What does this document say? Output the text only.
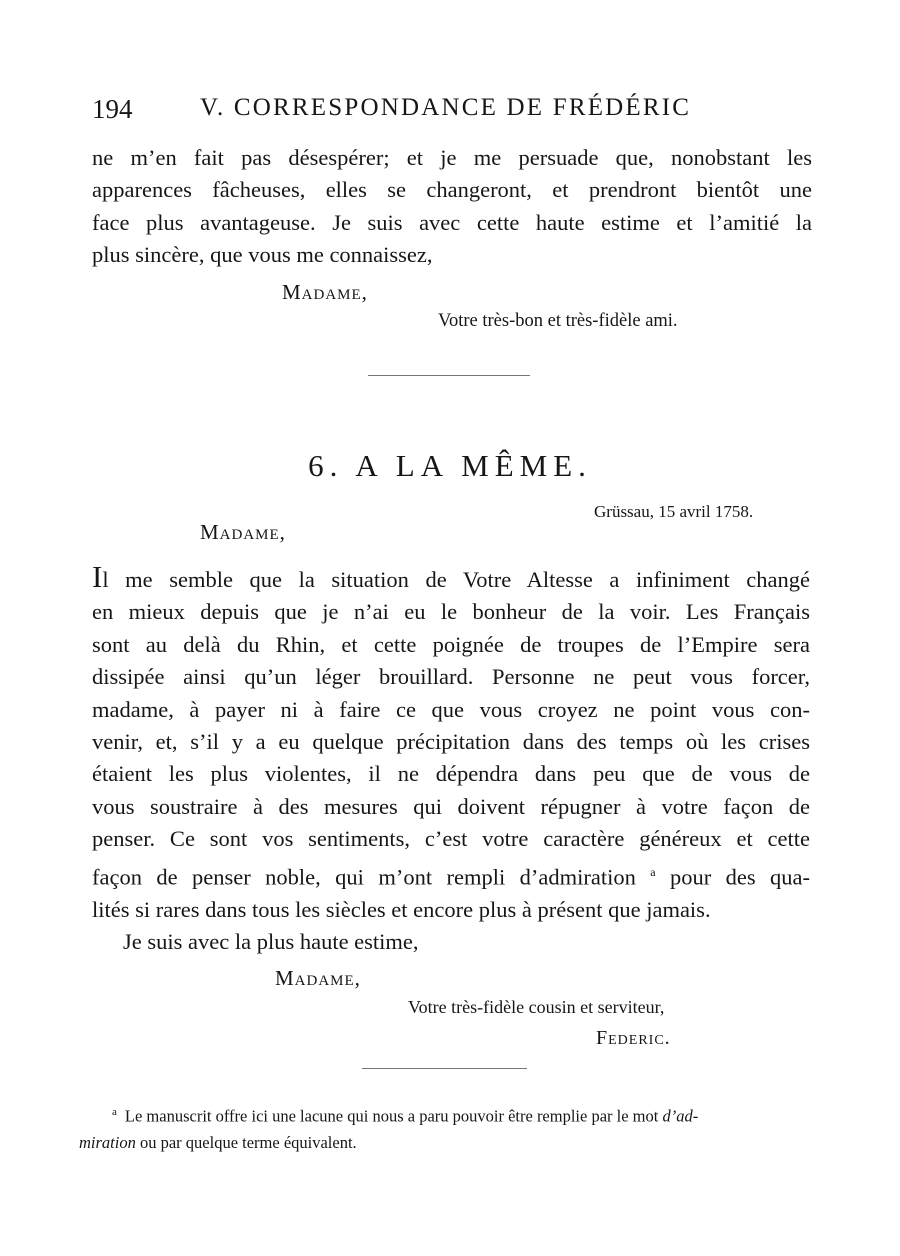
194	V. CORRESPONDANCE DE FRÉDÉRIC
ne m’en fait pas désespérer; et je me persuade que, nonobstant les
apparences fâcheuses, elles se changeront, et prendront bientôt une
face plus avantageuse. Je suis avec cette haute estime et l’amitié la
plus sincère, que vous me connaissez,
Madame,
Votre très-bon et très-fidèle ami.
6. A LA MÊME.
Grüssau, 15 avril 1758.
Madame,
Il me semble que la situation de Votre Altesse a infiniment changé
en mieux depuis que je n’ai eu le bonheur de la voir. Les Français
sont au delà du Rhin, et cette poignée de troupes de l’Empire sera
dissipée ainsi qu’un léger brouillard. Personne ne peut vous forcer,
madame, à payer ni à faire ce que vous croyez ne point vous con-
venir, et, s’il y a eu quelque précipitation dans des temps où les crises
étaient les plus violentes, il ne dépendra dans peu que de vous de
vous soustraire à des mesures qui doivent répugner à votre façon de
penser. Ce sont vos sentiments, c’est votre caractère généreux et cette
façon de penser noble, qui m’ont rempli d’admiration $^a$ pour des qua-
lités si rares dans tous les siècles et encore plus à présent que jamais.
Je suis avec la plus haute estime,
Madame,
Votre très-fidèle cousin et serviteur,
Federic.
$^a$ Le manuscrit offre ici une lacune qui nous a paru pouvoir être remplie par le mot d’ad-
miration ou par quelque terme équivalent.
